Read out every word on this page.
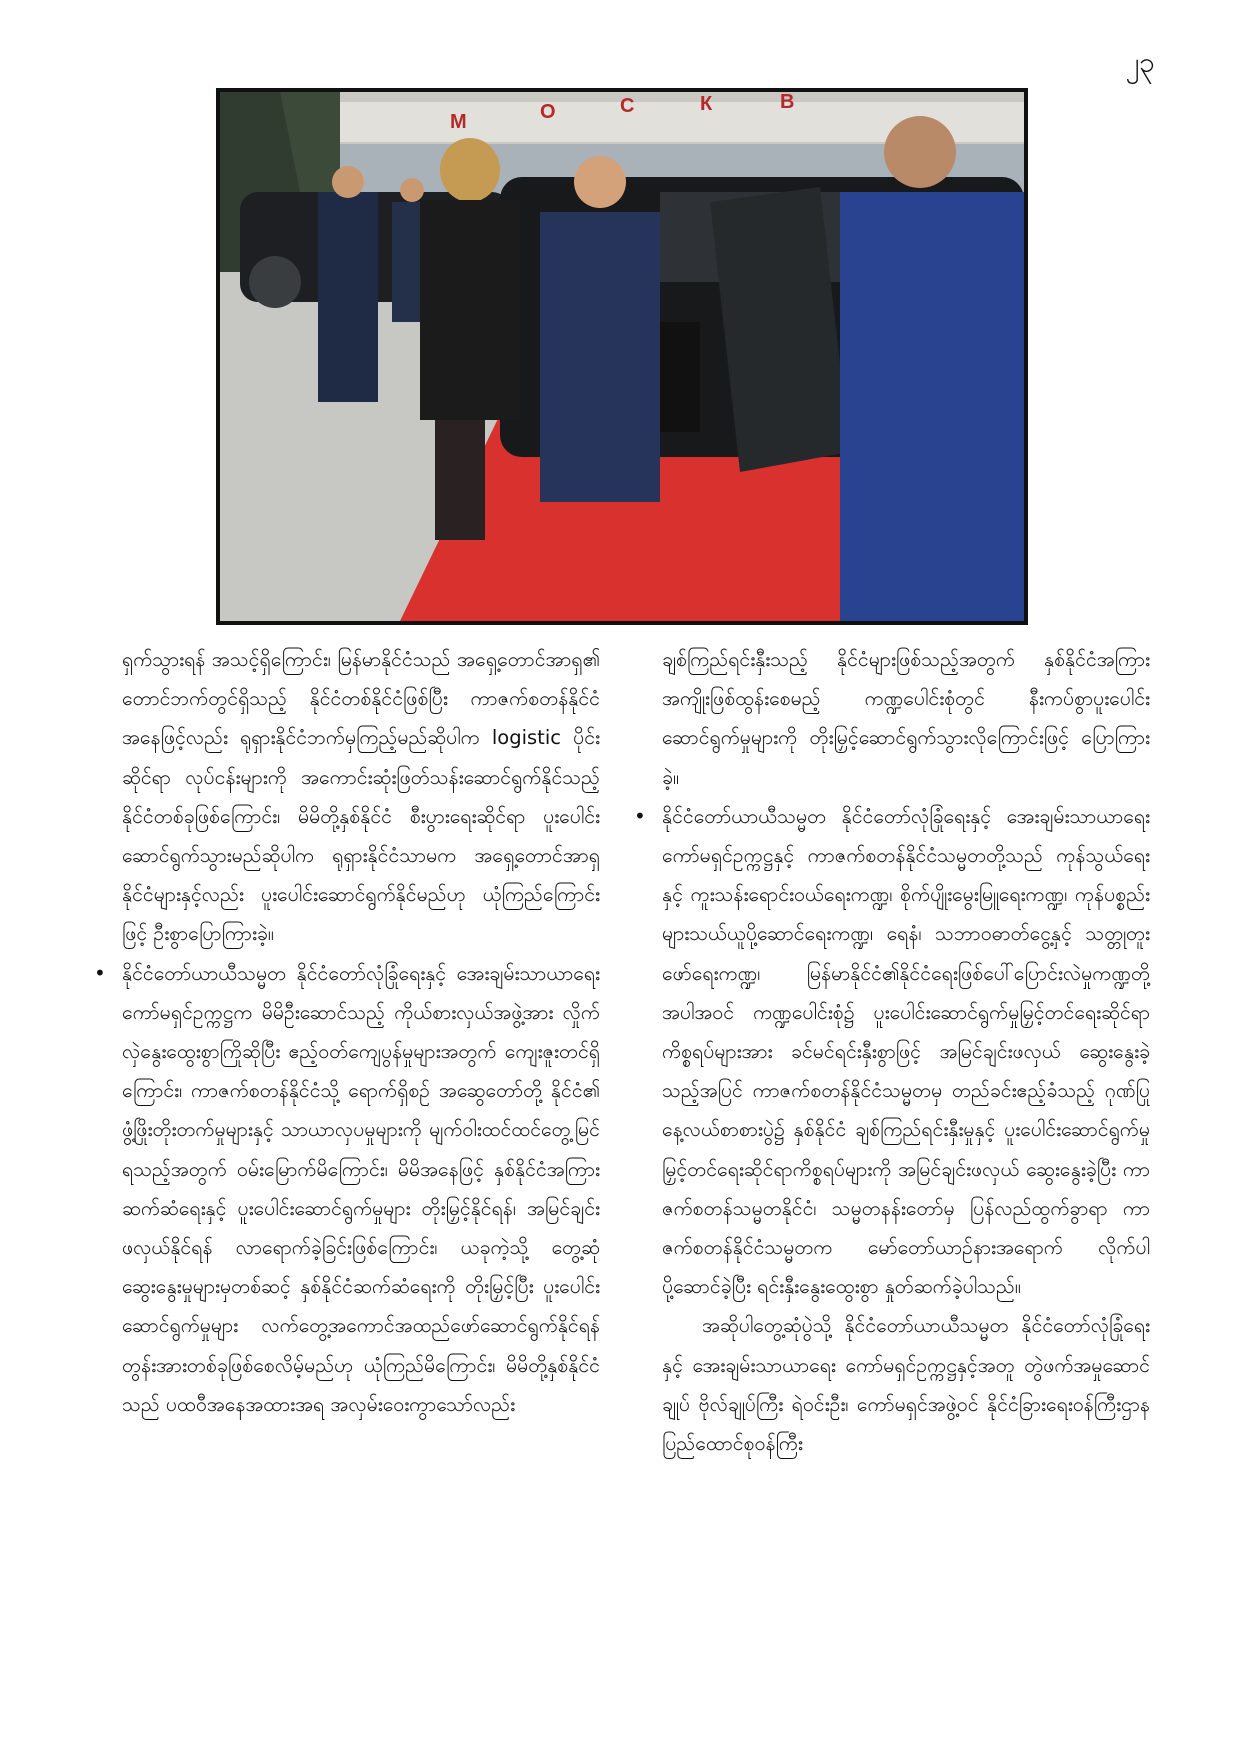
၂၃
М	О	С	К	В

ရှက်သွားရန် အသင့်ရှိကြောင်း၊ မြန်မာနိုင်ငံသည် အရှေ့တောင်အာရှ၏ တောင်ဘက်တွင်ရှိသည့် နိုင်ငံတစ်နိုင်ငံဖြစ်ပြီး ကာဇက်စတန်နိုင်ငံအနေဖြင့်လည်း ရုရှားနိုင်ငံဘက်မှကြည့်မည်ဆိုပါက logistic ပိုင်းဆိုင်ရာ လုပ်ငန်းများကို အကောင်းဆုံးဖြတ်သန်းဆောင်ရွက်နိုင်သည့် နိုင်ငံတစ်ခုဖြစ်ကြောင်း၊ မိမိတို့နှစ်နိုင်ငံ စီးပွားရေးဆိုင်ရာ ပူးပေါင်းဆောင်ရွက်သွားမည်ဆိုပါက ရုရှားနိုင်ငံသာမက အရှေ့တောင်အာရှနိုင်ငံများနှင့်လည်း ပူးပေါင်းဆောင်ရွက်နိုင်မည်ဟု ယုံကြည်ကြောင်းဖြင့် ဦးစွာပြောကြားခဲ့။

• နိုင်ငံတော်ယာယီသမ္မတ နိုင်ငံတော်လုံခြုံရေးနှင့် အေးချမ်းသာယာရေးကော်မရှင်ဥက္ကဋ္ဌက မိမိဦးဆောင်သည့် ကိုယ်စားလှယ်အဖွဲ့အား လှိုက်လှဲနွေးထွေးစွာကြိုဆိုပြီး ဧည့်ဝတ်ကျေပွန်မှုများအတွက် ကျေးဇူးတင်ရှိကြောင်း၊ ကာဇက်စတန်နိုင်ငံသို့ ရောက်ရှိစဉ် အဆွေတော်တို့ နိုင်ငံ၏ ဖွံ့ဖြိုးတိုးတက်မှုများနှင့် သာယာလှပမှုများကို မျက်ဝါးထင်ထင်တွေ့မြင်ရသည့်အတွက် ဝမ်းမြောက်မိကြောင်း၊ မိမိအနေဖြင့် နှစ်နိုင်ငံအကြားဆက်ဆံရေးနှင့် ပူးပေါင်းဆောင်ရွက်မှုများ တိုးမြှင့်နိုင်ရန်၊ အမြင်ချင်းဖလှယ်နိုင်ရန် လာရောက်ခဲ့ခြင်းဖြစ်ကြောင်း၊ ယခုကဲ့သို့ တွေ့ဆုံဆွေးနွေးမှုများမှတစ်ဆင့် နှစ်နိုင်ငံဆက်ဆံရေးကို တိုးမြှင့်ပြီး ပူးပေါင်းဆောင်ရွက်မှုများ လက်တွေ့အကောင်အထည်ဖော်ဆောင်ရွက်နိုင်ရန် တွန်းအားတစ်ခုဖြစ်စေလိမ့်မည်ဟု ယုံကြည်မိကြောင်း၊ မိမိတို့နှစ်နိုင်ငံသည် ပထဝီအနေအထားအရ အလှမ်းဝေးကွာသော်လည်း

ချစ်ကြည်ရင်းနှီးသည့် နိုင်ငံများဖြစ်သည့်အတွက် နှစ်နိုင်ငံအကြား အကျိုးဖြစ်ထွန်းစေမည့် ကဏ္ဍပေါင်းစုံတွင် နီးကပ်စွာပူးပေါင်းဆောင်ရွက်မှုများကို တိုးမြှင့်ဆောင်ရွက်သွားလိုကြောင်းဖြင့် ပြောကြားခဲ့။

• နိုင်ငံတော်ယာယီသမ္မတ နိုင်ငံတော်လုံခြုံရေးနှင့် အေးချမ်းသာယာရေးကော်မရှင်ဥက္ကဋ္ဌနှင့် ကာဇက်စတန်နိုင်ငံသမ္မတတို့သည် ကုန်သွယ်ရေးနှင့် ကူးသန်းရောင်းဝယ်ရေးကဏ္ဍ၊ စိုက်ပျိုးမွေးမြူရေးကဏ္ဍ၊ ကုန်ပစ္စည်းများသယ်ယူပို့ဆောင်ရေးကဏ္ဍ၊ ရေနံ၊ သဘာဝဓာတ်ငွေ့နှင့် သတ္တုတူးဖော်ရေးကဏ္ဍ၊ မြန်မာနိုင်ငံ၏နိုင်ငံရေးဖြစ်ပေါ်ပြောင်းလဲမှုကဏ္ဍတို့အပါအဝင် ကဏ္ဍပေါင်းစုံ၌ ပူးပေါင်းဆောင်ရွက်မှုမြှင့်တင်ရေးဆိုင်ရာကိစ္စရပ်များအား ခင်မင်ရင်းနှီးစွာဖြင့် အမြင်ချင်းဖလှယ် ဆွေးနွေးခဲ့သည့်အပြင် ကာဇက်စတန်နိုင်ငံသမ္မတမှ တည်ခင်းဧည့်ခံသည့် ဂုဏ်ပြုနေ့လယ်စာစားပွဲ၌ နှစ်နိုင်ငံ ချစ်ကြည်ရင်းနှီးမှုနှင့် ပူးပေါင်းဆောင်ရွက်မှုမြှင့်တင်ရေးဆိုင်ရာကိစ္စရပ်များကို အမြင်ချင်းဖလှယ် ဆွေးနွေးခဲ့ပြီး ကာဇက်စတန်သမ္မတနိုင်ငံ၊ သမ္မတနန်းတော်မှ ပြန်လည်ထွက်ခွာရာ ကာဇက်စတန်နိုင်ငံသမ္မတက မော်တော်ယာဉ်နားအရောက် လိုက်ပါပို့ဆောင်ခဲ့ပြီး ရင်းနှီးနွေးထွေးစွာ နှုတ်ဆက်ခဲ့ပါသည်။

အဆိုပါတွေ့ဆုံပွဲသို့ နိုင်ငံတော်ယာယီသမ္မတ နိုင်ငံတော်လုံခြုံရေးနှင့် အေးချမ်းသာယာရေး ကော်မရှင်ဥက္ကဋ္ဌနှင့်အတူ တွဲဖက်အမှုဆောင်ချုပ် ဗိုလ်ချုပ်ကြီး ရဲဝင်းဦး၊ ကော်မရှင်အဖွဲ့ဝင် နိုင်ငံခြားရေးဝန်ကြီးဌာန ပြည်ထောင်စုဝန်ကြီး
